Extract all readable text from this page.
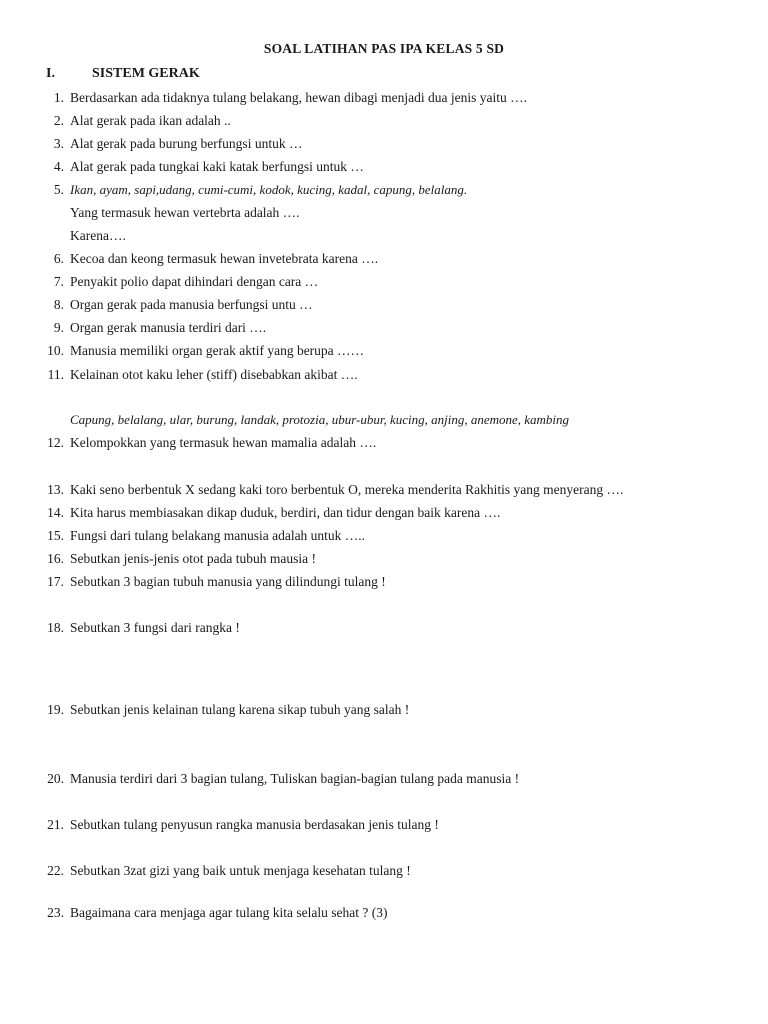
SOAL LATIHAN PAS IPA KELAS 5 SD
I.	SISTEM GERAK
1. Berdasarkan ada tidaknya tulang belakang, hewan dibagi menjadi dua jenis yaitu ….
2. Alat gerak pada ikan adalah ..
3. Alat gerak pada burung berfungsi untuk …
4. Alat gerak pada tungkai kaki katak berfungsi untuk …
5. Ikan, ayam, sapi,udang, cumi-cumi, kodok, kucing, kadal, capung, belalang.
Yang termasuk hewan vertebrta adalah ….
Karena….
6. Kecoa dan keong termasuk hewan invetebrata karena ….
7. Penyakit polio dapat dihindari dengan cara …
8. Organ gerak pada manusia berfungsi untu …
9. Organ gerak manusia terdiri dari ….
10. Manusia memiliki organ gerak aktif yang berupa ……
11. Kelainan otot kaku leher (stiff) disebabkan akibat ….
Capung, belalang, ular, burung, landak, protozia, ubur-ubur, kucing, anjing, anemone, kambing
12. Kelompokkan yang termasuk hewan mamalia adalah ….
13. Kaki seno berbentuk X sedang kaki toro berbentuk O, mereka menderita Rakhitis yang menyerang ….
14. Kita harus membiasakan dikap duduk, berdiri, dan tidur dengan baik karena ….
15. Fungsi dari tulang belakang manusia adalah untuk …..
16. Sebutkan jenis-jenis otot pada tubuh mausia !
17. Sebutkan 3 bagian tubuh manusia yang dilindungi tulang !
18. Sebutkan 3 fungsi dari rangka !
19. Sebutkan jenis kelainan tulang karena sikap tubuh yang salah !
20. Manusia terdiri dari 3 bagian tulang, Tuliskan bagian-bagian tulang pada manusia !
21. Sebutkan tulang penyusun rangka manusia berdasakan jenis tulang !
22. Sebutkan 3zat gizi yang baik untuk menjaga kesehatan tulang !
23. Bagaimana cara menjaga agar tulang kita selalu sehat ? (3)
